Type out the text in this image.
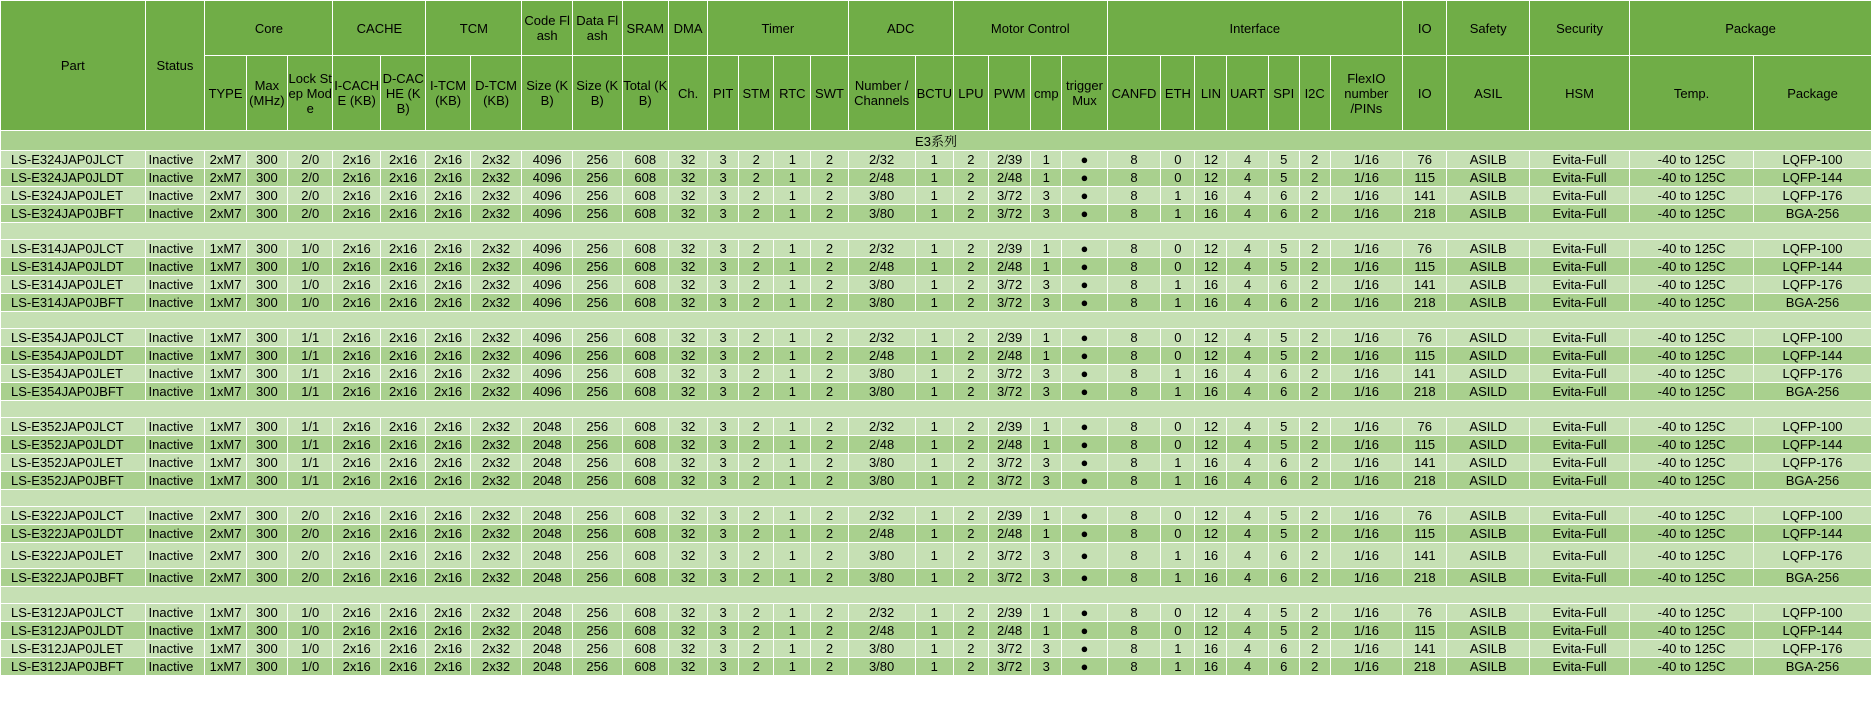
Part	Status	Core			CACHE		TCM		Code Flash	Data Flash	SRAM	DMA	Timer				ADC		Motor Control				Interface							IO	Safety	Security	Package	
		TYPE	Max (MHz)	Lock Step Mode	I-CACHE (KB)	D-CACHE (KB)	I-TCM (KB)	D-TCM (KB)	Size (KB)	Size (KB)	Total (KB)	Ch.	PIT	STM	RTC	SWT	Number / Channels	BCTU	LPU	PWM	cmp	triggerMux	CANFD	ETH	LIN	UART	SPI	I2C	FlexIO number /PINs	IO	ASIL	HSM	Temp.	Package
E3系列																																		
LS-E324JAP0JLCT	Inactive	2xM7	300	2/0	2x16	2x16	2x16	2x32	4096	256	608	32	3	2	1	2	2/32	1	2	2/39	1	●	8	0	12	4	5	2	1/16	76	ASILB	Evita-Full	-40 to 125C	LQFP-100
LS-E324JAP0JLDT	Inactive	2xM7	300	2/0	2x16	2x16	2x16	2x32	4096	256	608	32	3	2	1	2	2/48	1	2	2/48	1	●	8	0	12	4	5	2	1/16	115	ASILB	Evita-Full	-40 to 125C	LQFP-144
LS-E324JAP0JLET	Inactive	2xM7	300	2/0	2x16	2x16	2x16	2x32	4096	256	608	32	3	2	1	2	3/80	1	2	3/72	3	●	8	1	16	4	6	2	1/16	141	ASILB	Evita-Full	-40 to 125C	LQFP-176
LS-E324JAP0JBFT	Inactive	2xM7	300	2/0	2x16	2x16	2x16	2x32	4096	256	608	32	3	2	1	2	3/80	1	2	3/72	3	●	8	1	16	4	6	2	1/16	218	ASILB	Evita-Full	-40 to 125C	BGA-256

LS-E314JAP0JLCT	Inactive	1xM7	300	1/0	2x16	2x16	2x16	2x32	4096	256	608	32	3	2	1	2	2/32	1	2	2/39	1	●	8	0	12	4	5	2	1/16	76	ASILB	Evita-Full	-40 to 125C	LQFP-100
LS-E314JAP0JLDT	Inactive	1xM7	300	1/0	2x16	2x16	2x16	2x32	4096	256	608	32	3	2	1	2	2/48	1	2	2/48	1	●	8	0	12	4	5	2	1/16	115	ASILB	Evita-Full	-40 to 125C	LQFP-144
LS-E314JAP0JLET	Inactive	1xM7	300	1/0	2x16	2x16	2x16	2x32	4096	256	608	32	3	2	1	2	3/80	1	2	3/72	3	●	8	1	16	4	6	2	1/16	141	ASILB	Evita-Full	-40 to 125C	LQFP-176
LS-E314JAP0JBFT	Inactive	1xM7	300	1/0	2x16	2x16	2x16	2x32	4096	256	608	32	3	2	1	2	3/80	1	2	3/72	3	●	8	1	16	4	6	2	1/16	218	ASILB	Evita-Full	-40 to 125C	BGA-256

LS-E354JAP0JLCT	Inactive	1xM7	300	1/1	2x16	2x16	2x16	2x32	4096	256	608	32	3	2	1	2	2/32	1	2	2/39	1	●	8	0	12	4	5	2	1/16	76	ASILD	Evita-Full	-40 to 125C	LQFP-100
LS-E354JAP0JLDT	Inactive	1xM7	300	1/1	2x16	2x16	2x16	2x32	4096	256	608	32	3	2	1	2	2/48	1	2	2/48	1	●	8	0	12	4	5	2	1/16	115	ASILD	Evita-Full	-40 to 125C	LQFP-144
LS-E354JAP0JLET	Inactive	1xM7	300	1/1	2x16	2x16	2x16	2x32	4096	256	608	32	3	2	1	2	3/80	1	2	3/72	3	●	8	1	16	4	6	2	1/16	141	ASILD	Evita-Full	-40 to 125C	LQFP-176
LS-E354JAP0JBFT	Inactive	1xM7	300	1/1	2x16	2x16	2x16	2x32	4096	256	608	32	3	2	1	2	3/80	1	2	3/72	3	●	8	1	16	4	6	2	1/16	218	ASILD	Evita-Full	-40 to 125C	BGA-256

LS-E352JAP0JLCT	Inactive	1xM7	300	1/1	2x16	2x16	2x16	2x32	2048	256	608	32	3	2	1	2	2/32	1	2	2/39	1	●	8	0	12	4	5	2	1/16	76	ASILD	Evita-Full	-40 to 125C	LQFP-100
LS-E352JAP0JLDT	Inactive	1xM7	300	1/1	2x16	2x16	2x16	2x32	2048	256	608	32	3	2	1	2	2/48	1	2	2/48	1	●	8	0	12	4	5	2	1/16	115	ASILD	Evita-Full	-40 to 125C	LQFP-144
LS-E352JAP0JLET	Inactive	1xM7	300	1/1	2x16	2x16	2x16	2x32	2048	256	608	32	3	2	1	2	3/80	1	2	3/72	3	●	8	1	16	4	6	2	1/16	141	ASILD	Evita-Full	-40 to 125C	LQFP-176
LS-E352JAP0JBFT	Inactive	1xM7	300	1/1	2x16	2x16	2x16	2x32	2048	256	608	32	3	2	1	2	3/80	1	2	3/72	3	●	8	1	16	4	6	2	1/16	218	ASILD	Evita-Full	-40 to 125C	BGA-256

LS-E322JAP0JLCT	Inactive	2xM7	300	2/0	2x16	2x16	2x16	2x32	2048	256	608	32	3	2	1	2	2/32	1	2	2/39	1	●	8	0	12	4	5	2	1/16	76	ASILB	Evita-Full	-40 to 125C	LQFP-100
LS-E322JAP0JLDT	Inactive	2xM7	300	2/0	2x16	2x16	2x16	2x32	2048	256	608	32	3	2	1	2	2/48	1	2	2/48	1	●	8	0	12	4	5	2	1/16	115	ASILB	Evita-Full	-40 to 125C	LQFP-144
LS-E322JAP0JLET	Inactive	2xM7	300	2/0	2x16	2x16	2x16	2x32	2048	256	608	32	3	2	1	2	3/80	1	2	3/72	3	●	8	1	16	4	6	2	1/16	141	ASILB	Evita-Full	-40 to 125C	LQFP-176
LS-E322JAP0JBFT	Inactive	2xM7	300	2/0	2x16	2x16	2x16	2x32	2048	256	608	32	3	2	1	2	3/80	1	2	3/72	3	●	8	1	16	4	6	2	1/16	218	ASILB	Evita-Full	-40 to 125C	BGA-256

LS-E312JAP0JLCT	Inactive	1xM7	300	1/0	2x16	2x16	2x16	2x32	2048	256	608	32	3	2	1	2	2/32	1	2	2/39	1	●	8	0	12	4	5	2	1/16	76	ASILB	Evita-Full	-40 to 125C	LQFP-100
LS-E312JAP0JLDT	Inactive	1xM7	300	1/0	2x16	2x16	2x16	2x32	2048	256	608	32	3	2	1	2	2/48	1	2	2/48	1	●	8	0	12	4	5	2	1/16	115	ASILB	Evita-Full	-40 to 125C	LQFP-144
LS-E312JAP0JLET	Inactive	1xM7	300	1/0	2x16	2x16	2x16	2x32	2048	256	608	32	3	2	1	2	3/80	1	2	3/72	3	●	8	1	16	4	6	2	1/16	141	ASILB	Evita-Full	-40 to 125C	LQFP-176
LS-E312JAP0JBFT	Inactive	1xM7	300	1/0	2x16	2x16	2x16	2x32	2048	256	608	32	3	2	1	2	3/80	1	2	3/72	3	●	8	1	16	4	6	2	1/16	218	ASILB	Evita-Full	-40 to 125C	BGA-256
